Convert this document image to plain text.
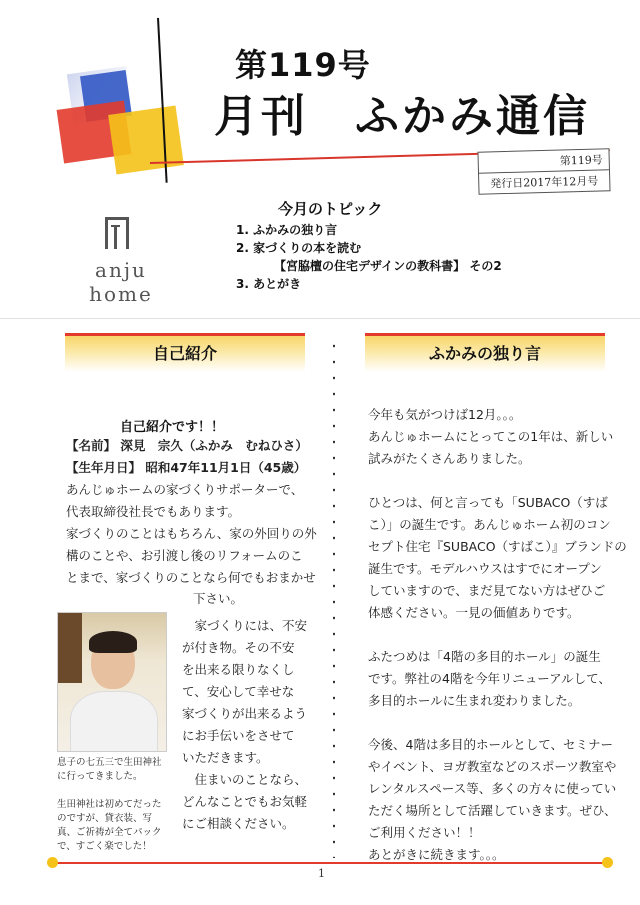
第119号
月刊　ふかみ通信
第119号
発行日2017年12月号
anju
home
今月のトピック
1. ふかみの独り言
2. 家づくりの本を読む
【宮脇檀の住宅デザインの教科書】 その2
3. あとがき
自己紹介	ふかみの独り言
自己紹介です！！
【名前】 深見　宗久（ふかみ　むねひさ）
【生年月日】 昭和47年11月1日（45歳）
あんじゅホームの家づくりサポーターで、
代表取締役社長でもあります。
家づくりのことはもちろん、家の外回りの外
構のことや、お引渡し後のリフォームのこ
とまで、家づくりのことなら何でもおまかせ
下さい。
　家づくりには、不安
が付き物。その不安
を出来る限りなくし
て、安心して幸せな
家づくりが出来るよう
にお手伝いをさせて
いただきます。
　住まいのことなら、
どんなことでもお気軽
にご相談ください。
息子の七五三で生田神社に行ってきました。
生田神社は初めてだったのですが、貸衣装、写真、ご祈祷が全てパックで、すごく楽でした！
今年も気がつけば12月。。。
あんじゅホームにとってこの1年は、新しい
試みがたくさんありました。
ひとつは、何と言っても「SUBACO（すば
こ）」の誕生です。あんじゅホーム初のコン
セプト住宅『SUBACO（すばこ）』ブランドの
誕生です。モデルハウスはすでにオープン
していますので、まだ見てない方はぜひご
体感ください。一見の価値ありです。
ふたつめは「4階の多目的ホール」の誕生
です。弊社の4階を今年リニューアルして、
多目的ホールに生まれ変わりました。
今後、4階は多目的ホールとして、セミナー
やイベント、ヨガ教室などのスポーツ教室や
レンタルスペース等、多くの方々に使ってい
ただく場所として活躍していきます。ぜひ、
ご利用ください！！
あとがきに続きます。。。
1
